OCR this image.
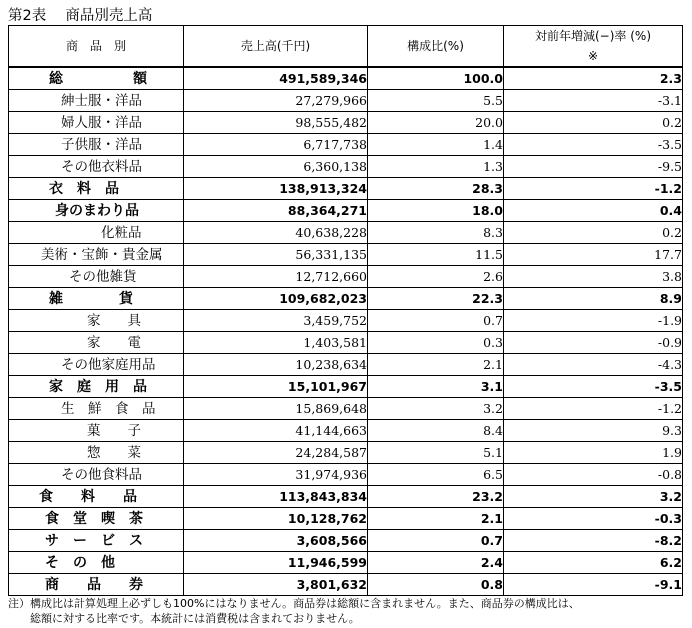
第2表　 商品別売上高
商　品　別	売上高(千円)	構成比(%)	対前年増減(−)率 (%)
※

総　　　　　額	491,589,346	100.0	2.3
紳士服・洋品	27,279,966	5.5	-3.1
婦人服・洋品	98,555,482	20.0	0.2
子供服・洋品	6,717,738	1.4	-3.5
その他衣料品	6,360,138	1.3	-9.5
衣　料　品	138,913,324	28.3	-1.2
身のまわり品	88,364,271	18.0	0.4
化粧品	40,638,228	8.3	0.2
美術・宝飾・貴金属	56,331,135	11.5	17.7
その他雑貨	12,712,660	2.6	3.8
雑　　　　貨	109,682,023	22.3	8.9
家　　具	3,459,752	0.7	-1.9
家　　電	1,403,581	0.3	-0.9
その他家庭用品	10,238,634	2.1	-4.3
家　庭　用　品	15,101,967	3.1	-3.5
生　鮮　食　品	15,869,648	3.2	-1.2
菓　　子	41,144,663	8.4	9.3
惣　　菜	24,284,587	5.1	1.9
その他食料品	31,974,936	6.5	-0.8
食　　料　　品	113,843,834	23.2	3.2
食　堂　喫　茶	10,128,762	2.1	-0.3
サ　ー　ビ　ス	3,608,566	0.7	-8.2
そ　の　他	11,946,599	2.4	6.2
商　　品　　券	3,801,632	0.8	-9.1
注）構成比は計算処理上必ずしも100%にはなりません。商品券は総額に含まれません。また、商品券の構成比は、
　　総額に対する比率です。本統計には消費税は含まれておりません。
